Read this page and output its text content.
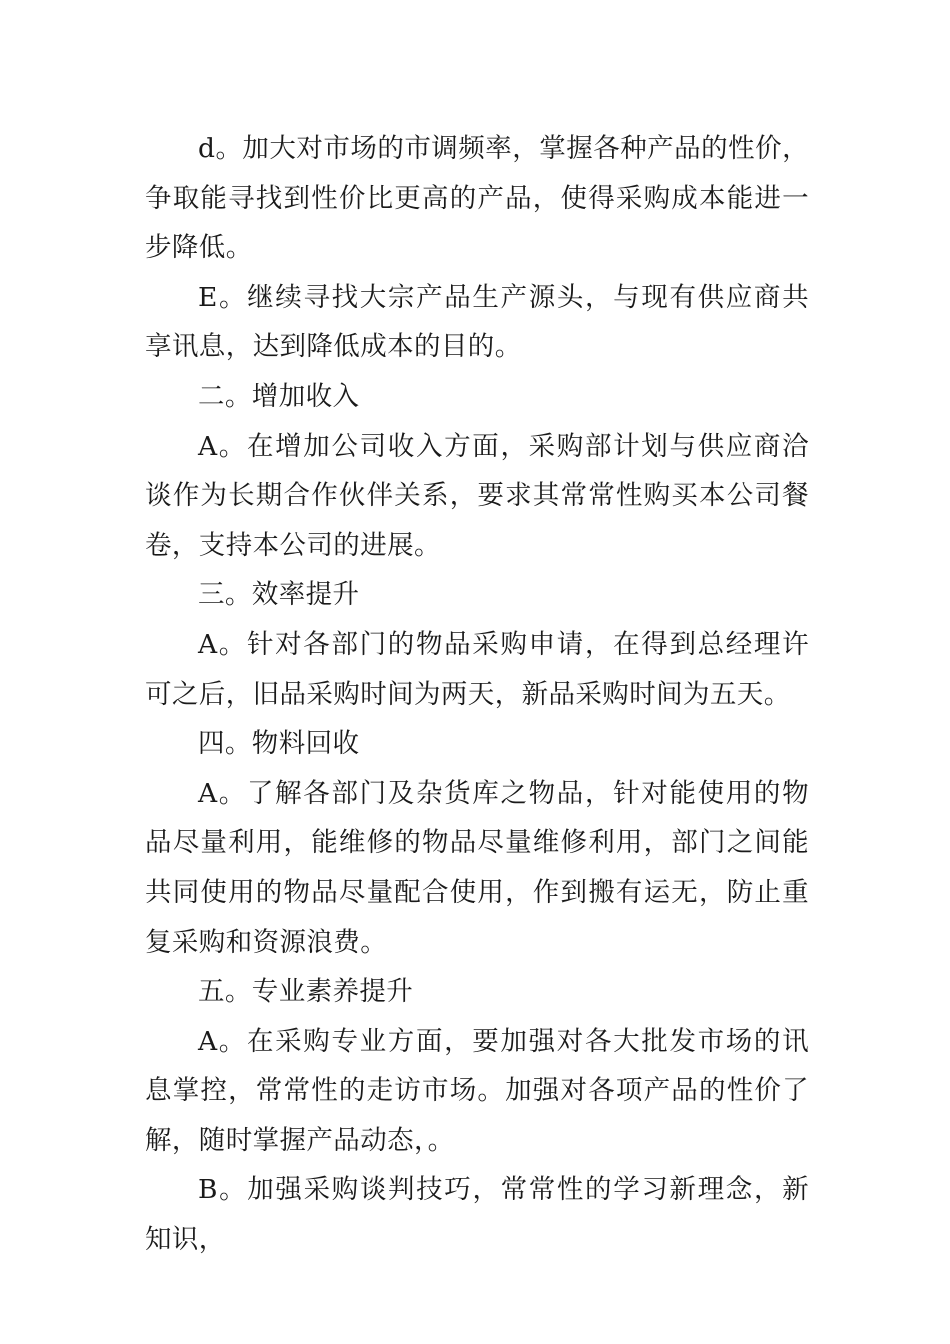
d。加大对市场的市调频率，掌握各种产品的性价，争取能寻找到性价比更高的产品，使得采购成本能进一步降低。

E。继续寻找大宗产品生产源头，与现有供应商共享讯息，达到降低成本的目的。

二。增加收入

A。在增加公司收入方面，采购部计划与供应商洽谈作为长期合作伙伴关系，要求其常常性购买本公司餐卷，支持本公司的进展。

三。效率提升

A。针对各部门的物品采购申请，在得到总经理许可之后，旧品采购时间为两天，新品采购时间为五天。

四。物料回收

A。了解各部门及杂货库之物品，针对能使用的物品尽量利用，能维修的物品尽量维修利用，部门之间能共同使用的物品尽量配合使用，作到搬有运无，防止重复采购和资源浪费。

五。专业素养提升

A。在采购专业方面，要加强对各大批发市场的讯息掌控，常常性的走访市场。加强对各项产品的性价了解，随时掌握产品动态，。

B。加强采购谈判技巧，常常性的学习新理念，新知识，
